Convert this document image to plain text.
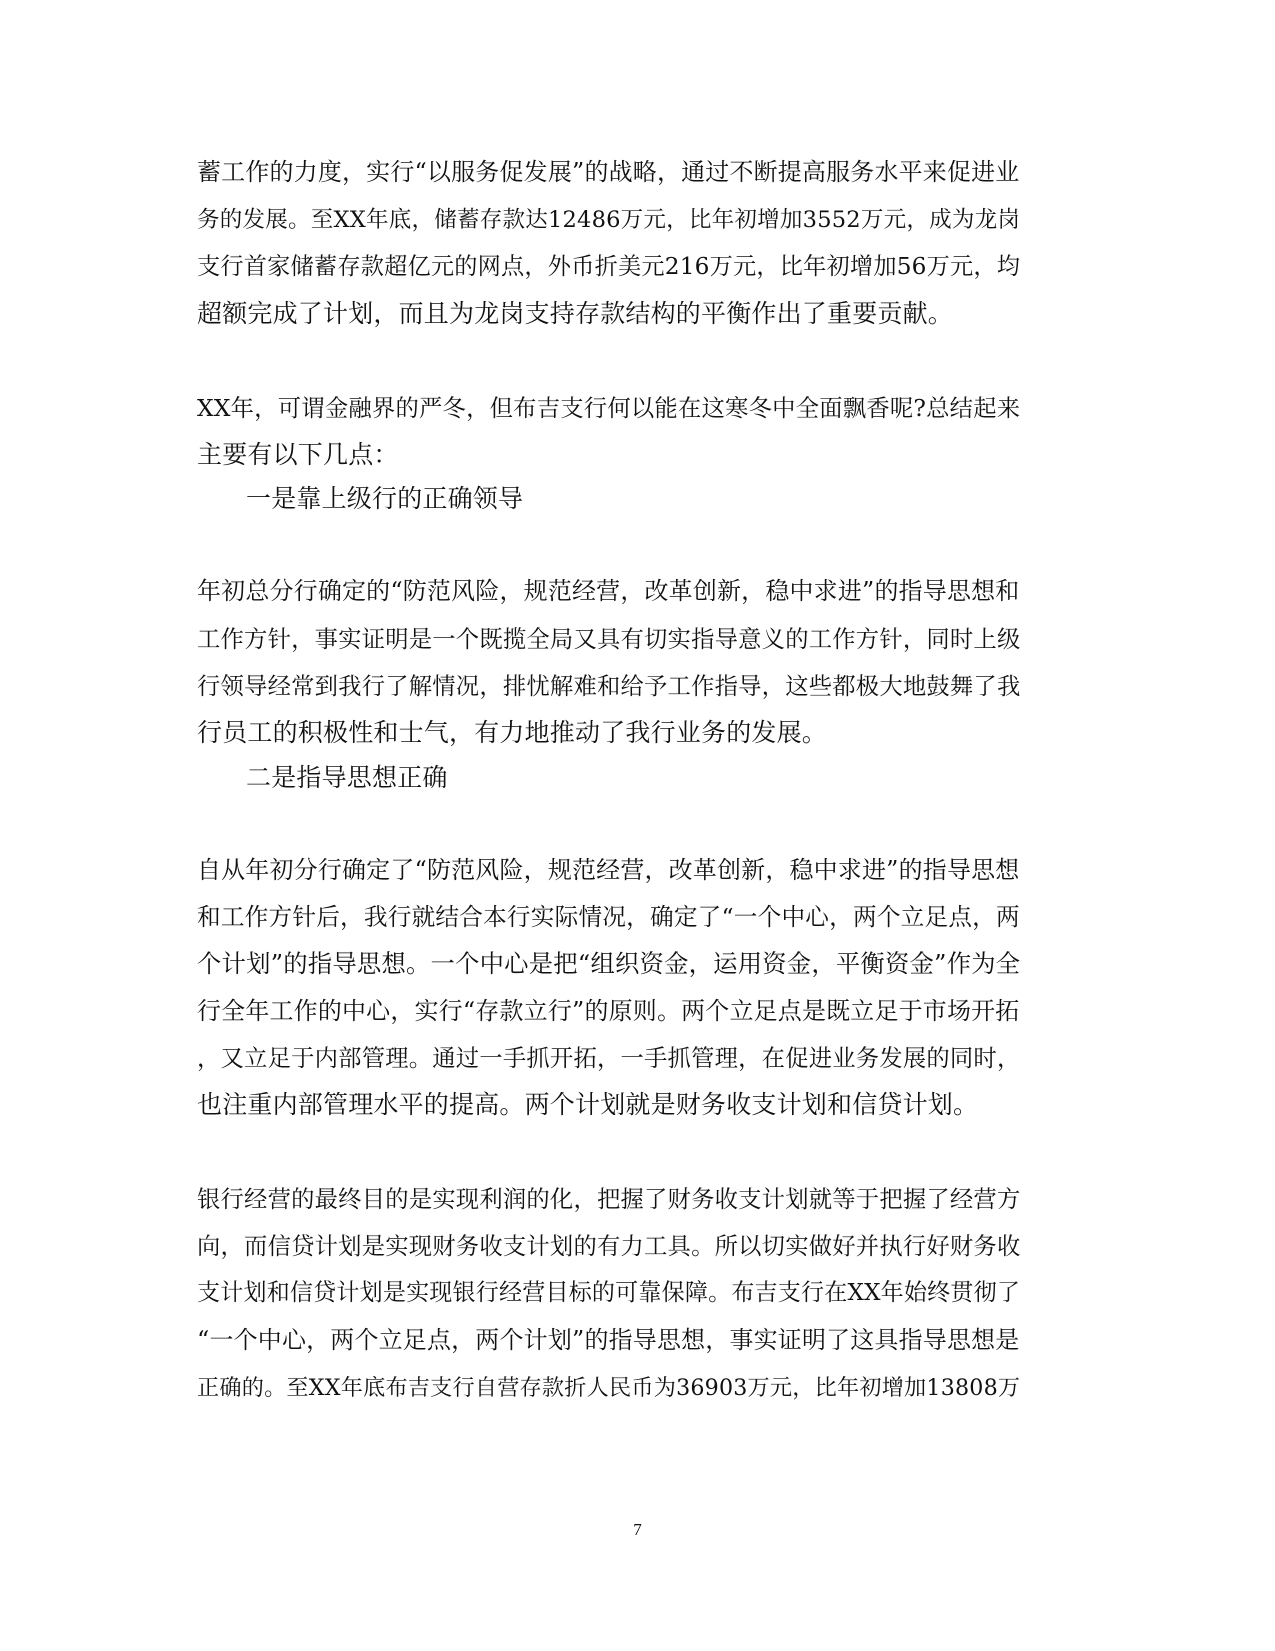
蓄工作的力度，实行“以服务促发展”的战略，通过不断提高服务水平来促进业
务的发展。至XX年底，储蓄存款达12486万元，比年初增加3552万元，成为龙岗
支行首家储蓄存款超亿元的网点，外币折美元216万元，比年初增加56万元，均
超额完成了计划，而且为龙岗支持存款结构的平衡作出了重要贡献。
XX年，可谓金融界的严冬，但布吉支行何以能在这寒冬中全面飘香呢?总结起来
主要有以下几点：
一是靠上级行的正确领导
年初总分行确定的“防范风险，规范经营，改革创新，稳中求进”的指导思想和
工作方针，事实证明是一个既揽全局又具有切实指导意义的工作方针，同时上级
行领导经常到我行了解情况，排忧解难和给予工作指导，这些都极大地鼓舞了我
行员工的积极性和士气，有力地推动了我行业务的发展。
二是指导思想正确
自从年初分行确定了“防范风险，规范经营，改革创新，稳中求进”的指导思想
和工作方针后，我行就结合本行实际情况，确定了“一个中心，两个立足点，两
个计划”的指导思想。一个中心是把“组织资金，运用资金，平衡资金”作为全
行全年工作的中心，实行“存款立行”的原则。两个立足点是既立足于市场开拓
，又立足于内部管理。通过一手抓开拓，一手抓管理，在促进业务发展的同时，
也注重内部管理水平的提高。两个计划就是财务收支计划和信贷计划。
银行经营的最终目的是实现利润的化，把握了财务收支计划就等于把握了经营方
向，而信贷计划是实现财务收支计划的有力工具。所以切实做好并执行好财务收
支计划和信贷计划是实现银行经营目标的可靠保障。布吉支行在XX年始终贯彻了
“一个中心，两个立足点，两个计划”的指导思想，事实证明了这具指导思想是
正确的。至XX年底布吉支行自营存款折人民币为36903万元，比年初增加13808万
7
